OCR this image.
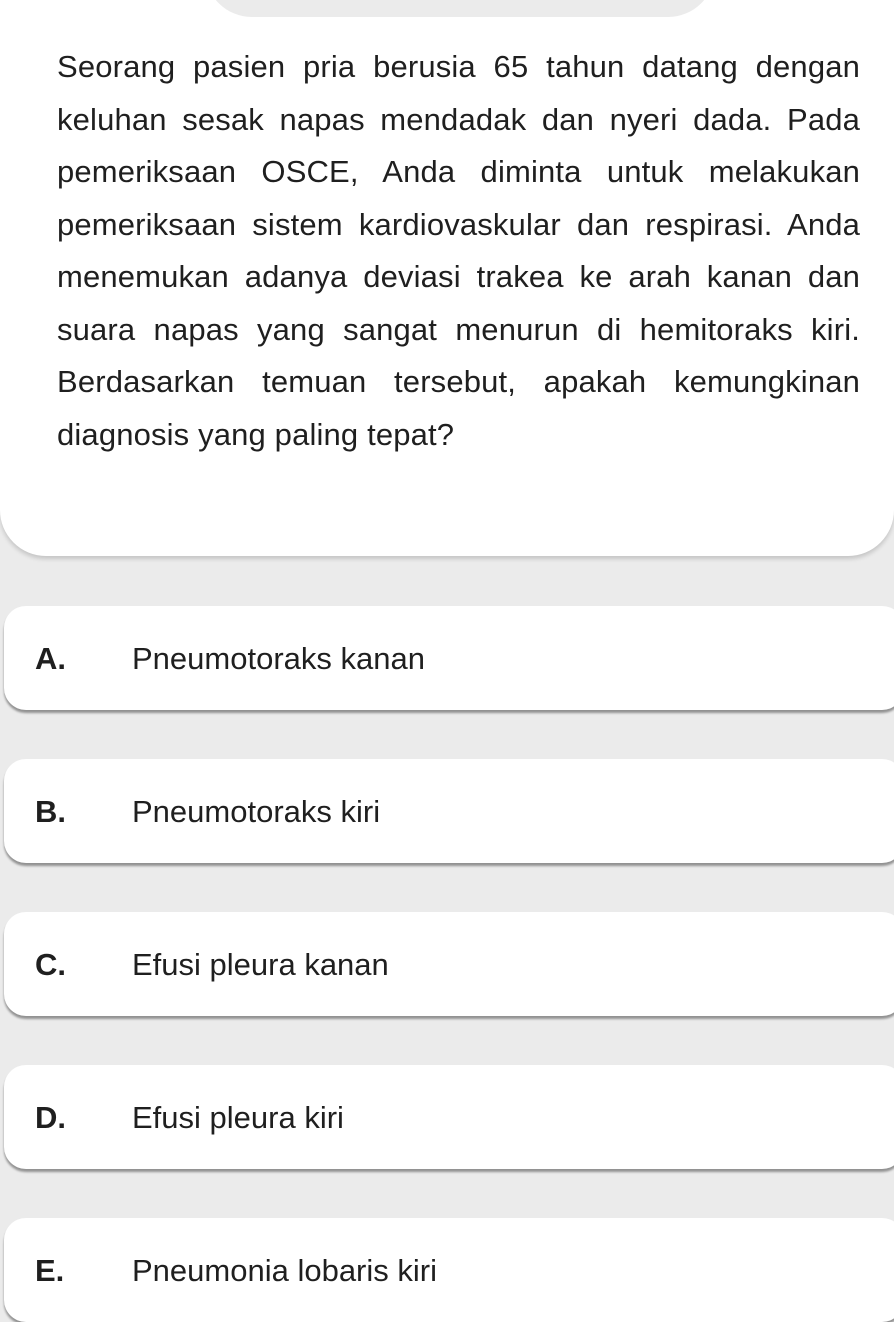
Seorang pasien pria berusia 65 tahun datang dengan keluhan sesak napas mendadak dan nyeri dada. Pada pemeriksaan OSCE, Anda diminta untuk melakukan pemeriksaan sistem kardiovaskular dan respirasi. Anda menemukan adanya deviasi trakea ke arah kanan dan suara napas yang sangat menurun di hemitoraks kiri. Berdasarkan temuan tersebut, apakah kemungkinan diagnosis yang paling tepat?

A. Pneumotoraks kanan
B. Pneumotoraks kiri
C. Efusi pleura kanan
D. Efusi pleura kiri
E. Pneumonia lobaris kiri
